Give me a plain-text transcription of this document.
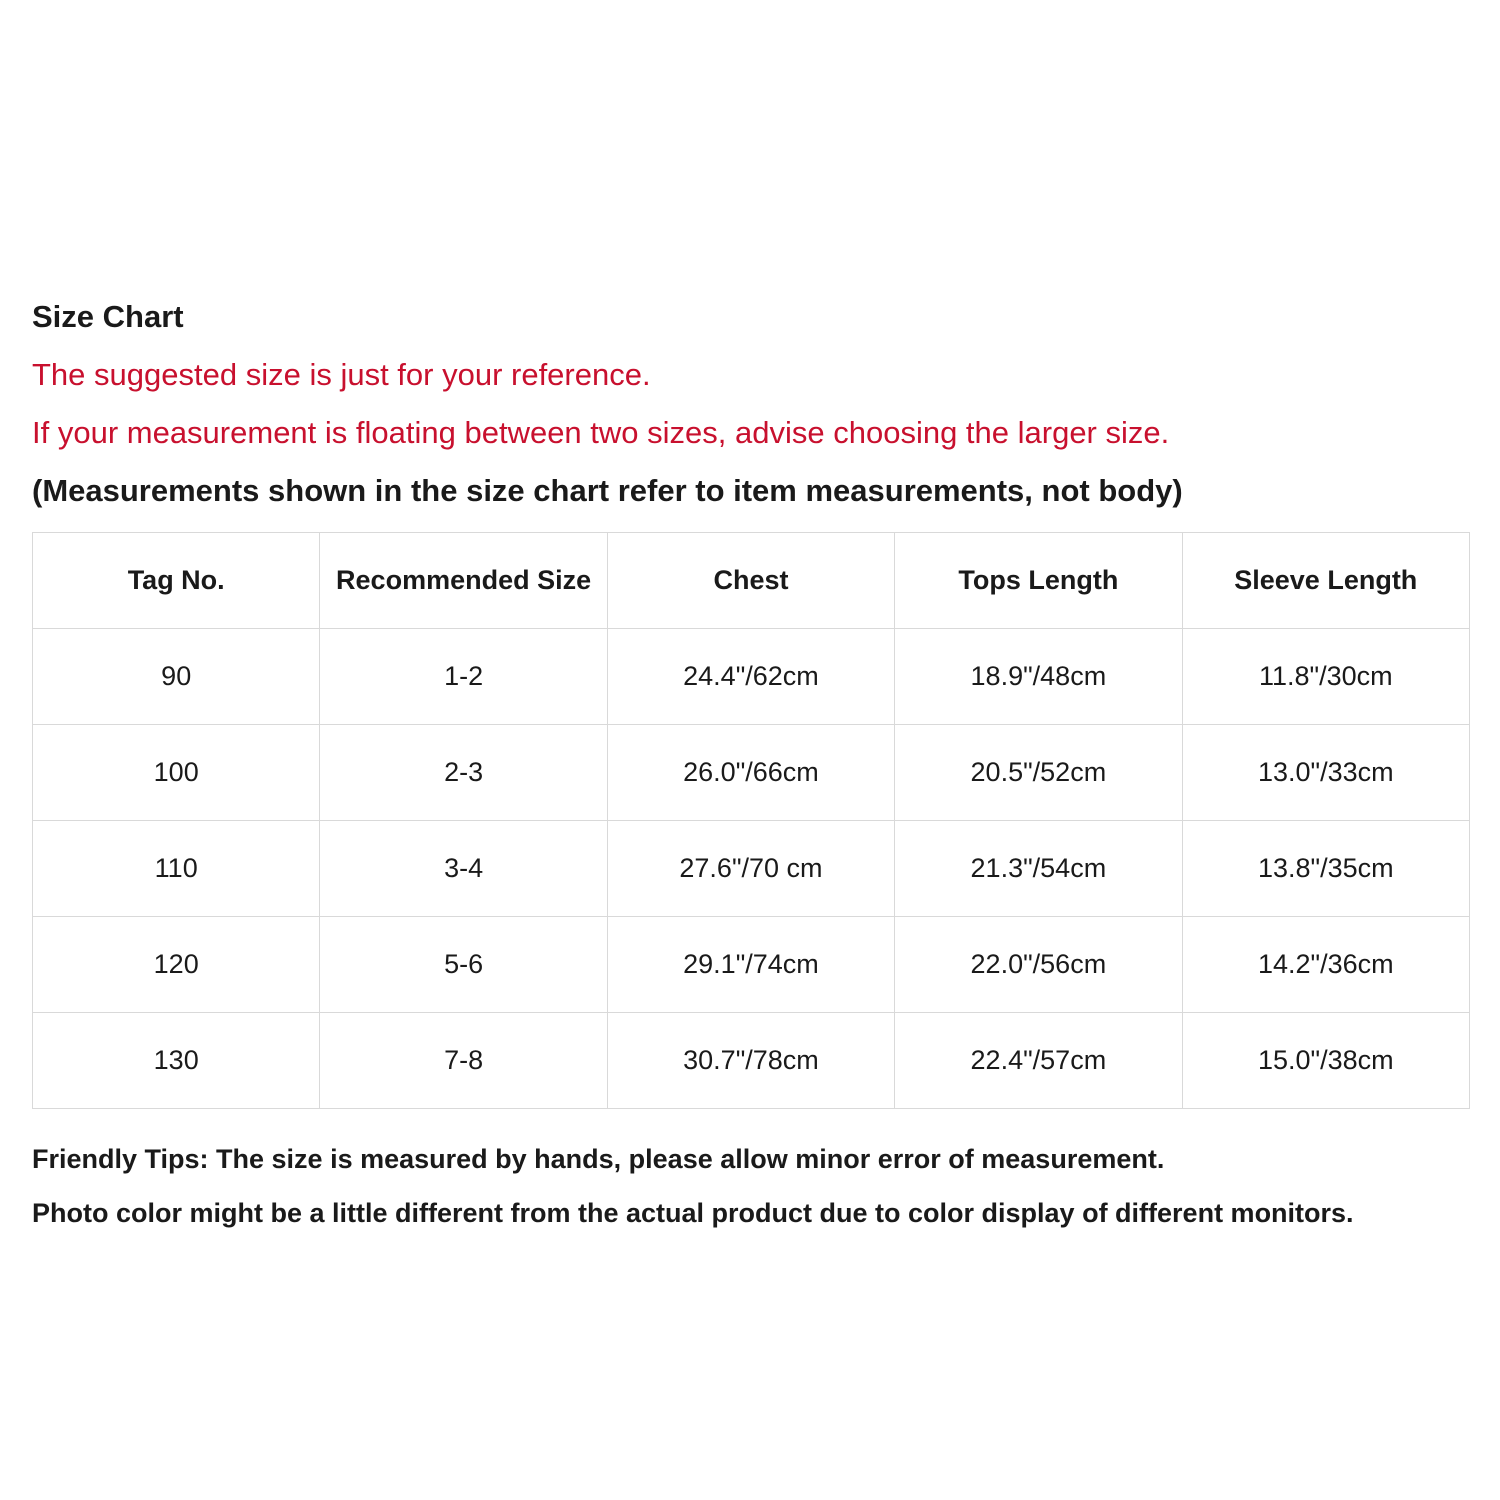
Size Chart
The suggested size is just for your reference.
If your measurement is floating between two sizes, advise choosing the larger size.
(Measurements shown in the size chart refer to item measurements, not body)
Tag No.	Recommended Size	Chest	Tops Length	Sleeve Length
90	1-2	24.4"/62cm	18.9"/48cm	11.8"/30cm
100	2-3	26.0"/66cm	20.5"/52cm	13.0"/33cm
110	3-4	27.6"/70 cm	21.3"/54cm	13.8"/35cm
120	5-6	29.1"/74cm	22.0"/56cm	14.2"/36cm
130	7-8	30.7"/78cm	22.4"/57cm	15.0"/38cm
Friendly Tips: The size is measured by hands, please allow minor error of measurement.
Photo color might be a little different from the actual product due to color display of different monitors.
